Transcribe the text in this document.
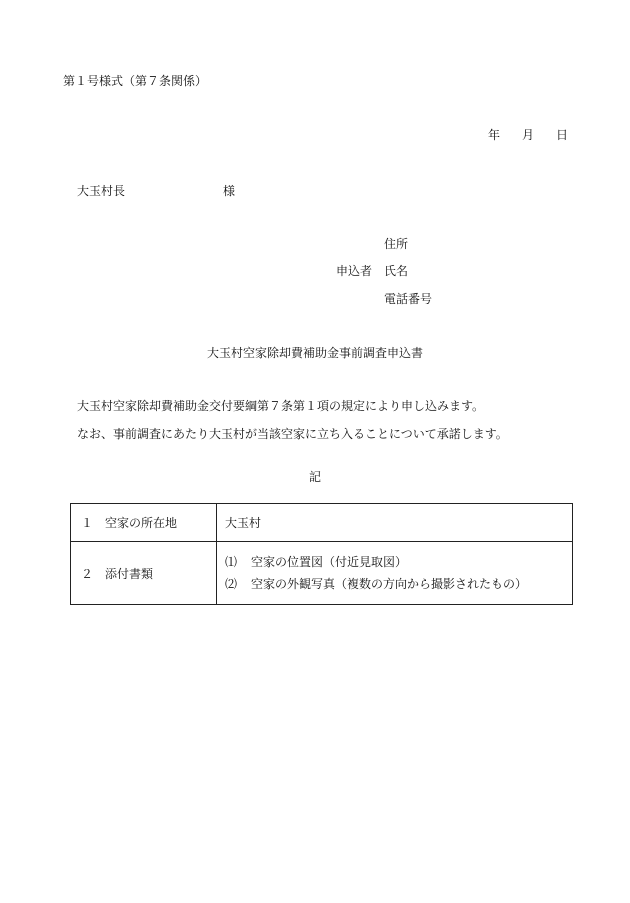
第１号様式（第７条関係）
年 月 日
大玉村長	様
申込者
住所
氏名
電話番号
大玉村空家除却費補助金事前調査申込書
大玉村空家除却費補助金交付要綱第７条第１項の規定により申し込みます。
なお、事前調査にあたり大玉村が当該空家に立ち入ることについて承諾します。
記
１　空家の所在地	大玉村
２　添付書類	⑴ 空家の位置図（付近見取図）
⑵ 空家の外観写真（複数の方向から撮影されたもの）
